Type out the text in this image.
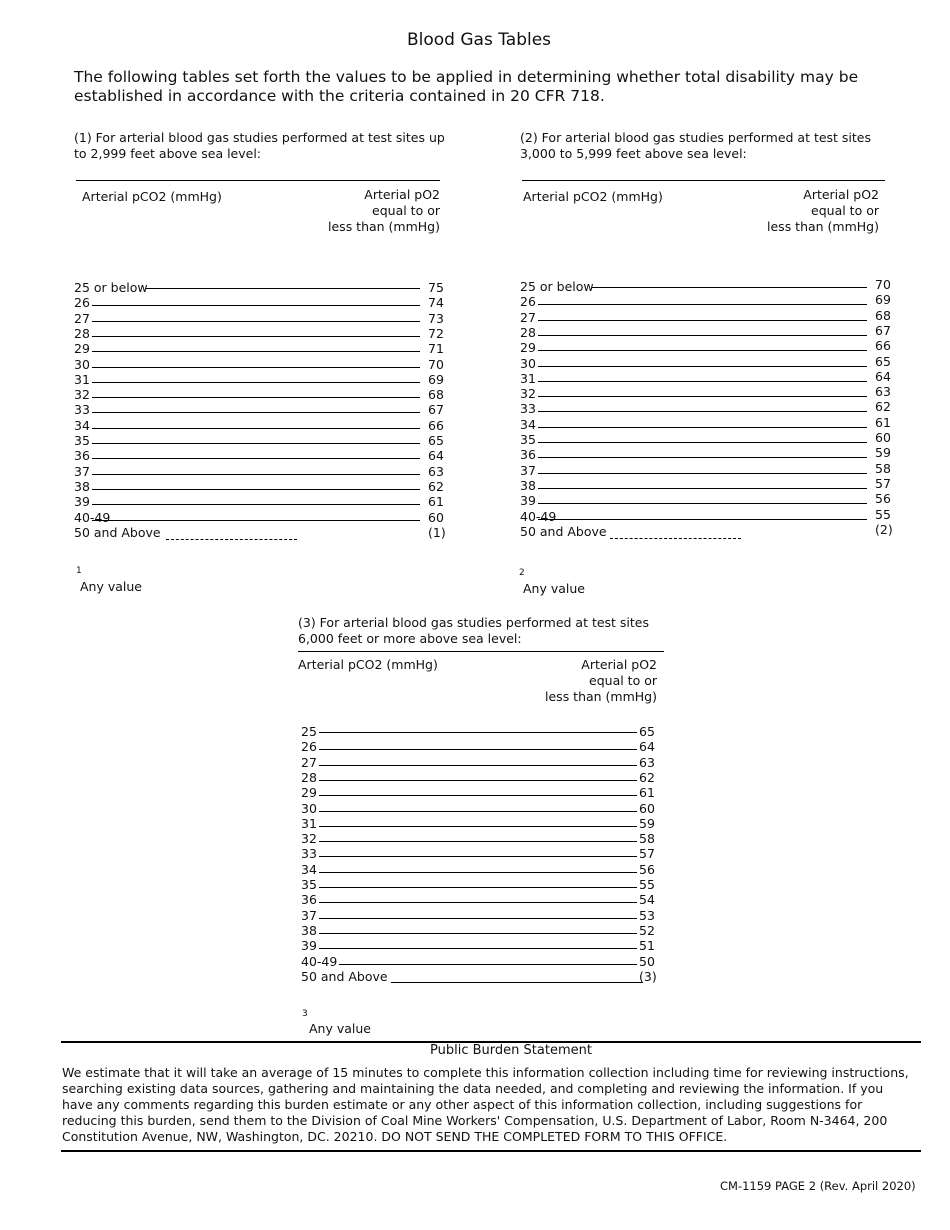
Blood Gas Tables
The following tables set forth the values to be applied in determining whether total disability may be established in accordance with the criteria contained in 20 CFR 718.
(1) For arterial blood gas studies performed at test sites up to 2,999 feet above sea level:
Arterial pCO2 (mmHg)	Arterial pO2
equal to or
less than (mmHg)
25 or below	75
26	74
27	73
28	72
29	71
30	70
31	69
32	68
33	67
34	66
35	65
36	64
37	63
38	62
39	61
40-49	60
50 and Above	(1)
1
Any value
(2) For arterial blood gas studies performed at test sites 3,000 to 5,999 feet above sea level:
Arterial pCO2 (mmHg)	Arterial pO2
equal to or
less than (mmHg)
25 or below	70
26	69
27	68
28	67
29	66
30	65
31	64
32	63
33	62
34	61
35	60
36	59
37	58
38	57
39	56
40-49	55
50 and Above	(2)
2
Any value
(3) For arterial blood gas studies performed at test sites 6,000 feet or more above sea level:
Arterial pCO2 (mmHg)	Arterial pO2
equal to or
less than (mmHg)
25	65
26	64
27	63
28	62
29	61
30	60
31	59
32	58
33	57
34	56
35	55
36	54
37	53
38	52
39	51
40-49	50
50 and Above	(3)
3
Any value
Public Burden Statement
We estimate that it will take an average of 15 minutes to complete this information collection including time for reviewing instructions, searching existing data sources, gathering and maintaining the data needed, and completing and reviewing the information. If you have any comments regarding this burden estimate or any other aspect of this information collection, including suggestions for reducing this burden, send them to the Division of Coal Mine Workers' Compensation, U.S. Department of Labor, Room N-3464, 200 Constitution Avenue, NW, Washington, DC. 20210. DO NOT SEND THE COMPLETED FORM TO THIS OFFICE.
CM-1159 PAGE 2 (Rev. April 2020)
